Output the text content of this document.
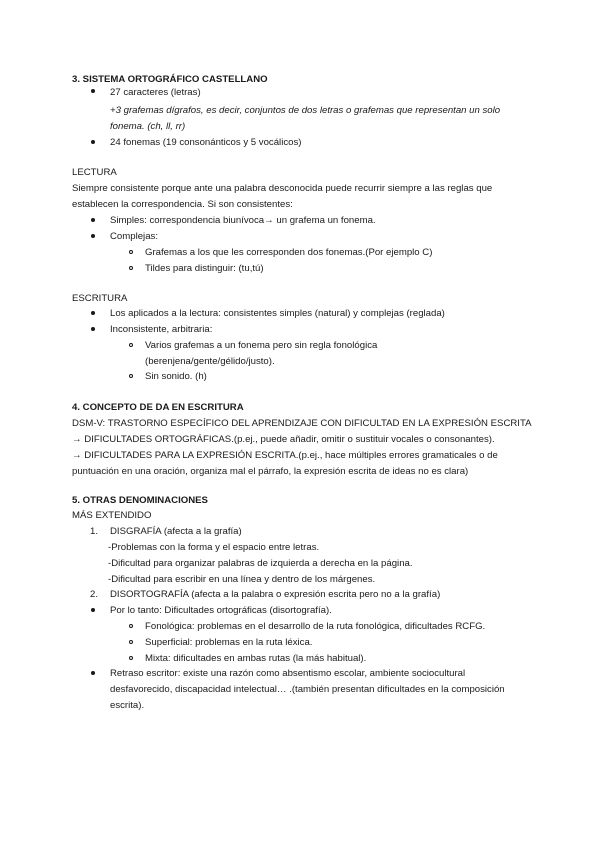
3. SISTEMA ORTOGRÁFICO CASTELLANO
27 caracteres (letras)
+3 grafemas dígrafos, es decir, conjuntos de dos letras o grafemas que representan un solo
fonema. (ch, ll, rr)
24 fonemas (19 consonánticos y 5 vocálicos)
LECTURA
Siempre consistente porque ante una palabra desconocida puede recurrir siempre a las reglas que
establecen la correspondencia. Si son consistentes:
Simples: correspondencia biunívoca→ un grafema un fonema.
Complejas:
Grafemas a los que les corresponden dos fonemas.(Por ejemplo C)
Tildes para distinguir: (tu,tú)
ESCRITURA
Los aplicados a la lectura: consistentes simples (natural) y complejas (reglada)
Inconsistente, arbitraria:
Varios grafemas a un fonema pero sin regla fonológica
(berenjena/gente/gélido/justo).
Sin sonido. (h)
4. CONCEPTO DE DA EN ESCRITURA
DSM-V: TRASTORNO ESPECÍFICO DEL APRENDIZAJE CON DIFICULTAD EN LA EXPRESIÓN ESCRITA
→ DIFICULTADES ORTOGRÁFICAS.(p.ej., puede añadir, omitir o sustituir vocales o consonantes).
→ DIFICULTADES PARA LA EXPRESIÓN ESCRITA.(p.ej., hace múltiples errores gramaticales o de
puntuación en una oración, organiza mal el párrafo, la expresión escrita de ideas no es clara)
5. OTRAS DENOMINACIONES
MÁS EXTENDIDO
1. DISGRAFÍA (afecta a la grafía)
-Problemas con la forma y el espacio entre letras.
-Dificultad para organizar palabras de izquierda a derecha en la página.
-Dificultad para escribir en una línea y dentro de los márgenes.
2. DISORTOGRAFÍA (afecta a la palabra o expresión escrita pero no a la grafía)
Por lo tanto: Dificultades ortográficas (disortografía).
Fonológica: problemas en el desarrollo de la ruta fonológica, dificultades RCFG.
Superficial: problemas en la ruta léxica.
Mixta: dificultades en ambas rutas (la más habitual).
Retraso escritor: existe una razón como absentismo escolar, ambiente sociocultural
desfavorecido, discapacidad intelectual… .(también presentan dificultades en la composición
escrita).
